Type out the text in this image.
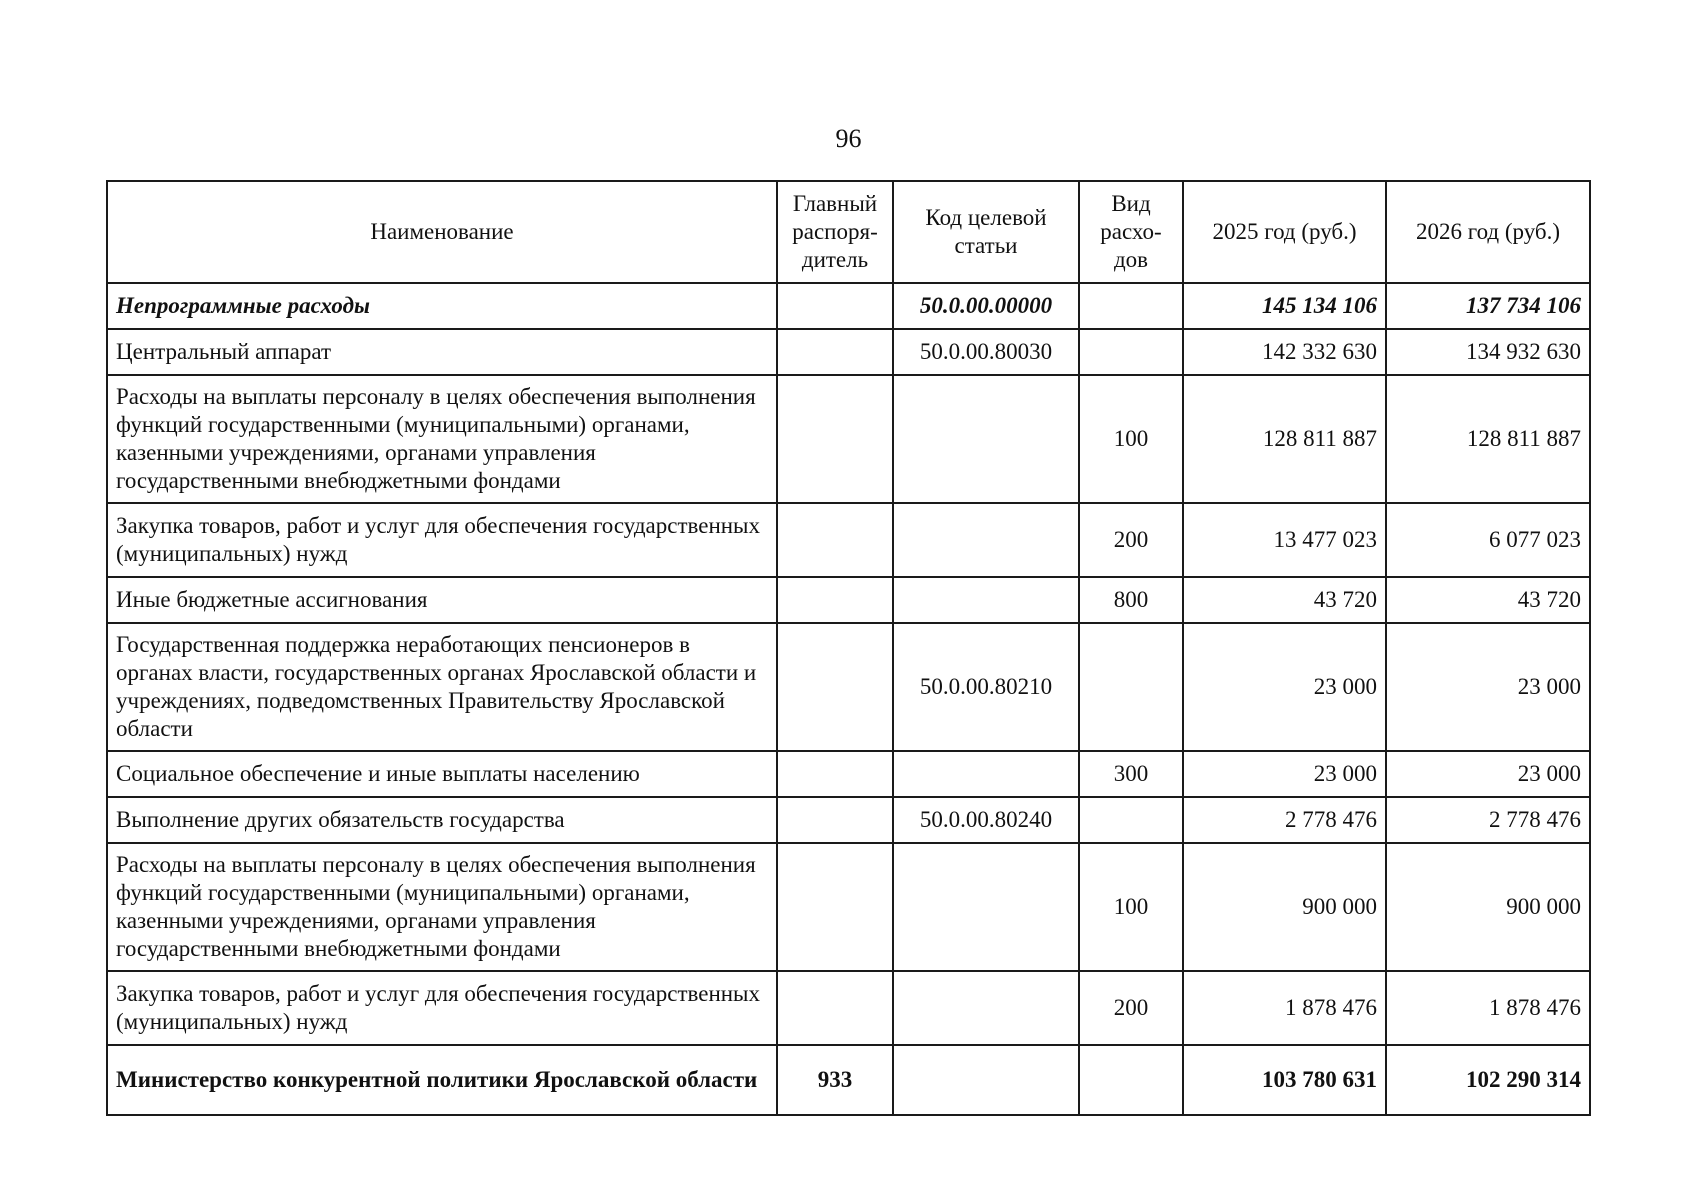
96
Наименование	Главный распоря-дитель	Код целевой статьи	Вид расхо-дов	2025 год (руб.)	2026 год (руб.)
Непрограммные расходы		50.0.00.00000		145 134 106	137 734 106
Центральный аппарат		50.0.00.80030		142 332 630	134 932 630
Расходы на выплаты персоналу в целях обеспечения выполнения функций государственными (муниципальными) органами, казенными учреждениями, органами управления государственными внебюджетными фондами			100	128 811 887	128 811 887
Закупка товаров, работ и услуг для обеспечения государственных (муниципальных) нужд			200	13 477 023	6 077 023
Иные бюджетные ассигнования			800	43 720	43 720
Государственная поддержка неработающих пенсионеров в органах власти, государственных органах Ярославской области и учреждениях, подведомственных Правительству Ярославской области		50.0.00.80210		23 000	23 000
Социальное обеспечение и иные выплаты населению			300	23 000	23 000
Выполнение других обязательств государства		50.0.00.80240		2 778 476	2 778 476
Расходы на выплаты персоналу в целях обеспечения выполнения функций государственными (муниципальными) органами, казенными учреждениями, органами управления государственными внебюджетными фондами			100	900 000	900 000
Закупка товаров, работ и услуг для обеспечения государственных (муниципальных) нужд			200	1 878 476	1 878 476
Министерство конкурентной политики Ярославской области	933			103 780 631	102 290 314
